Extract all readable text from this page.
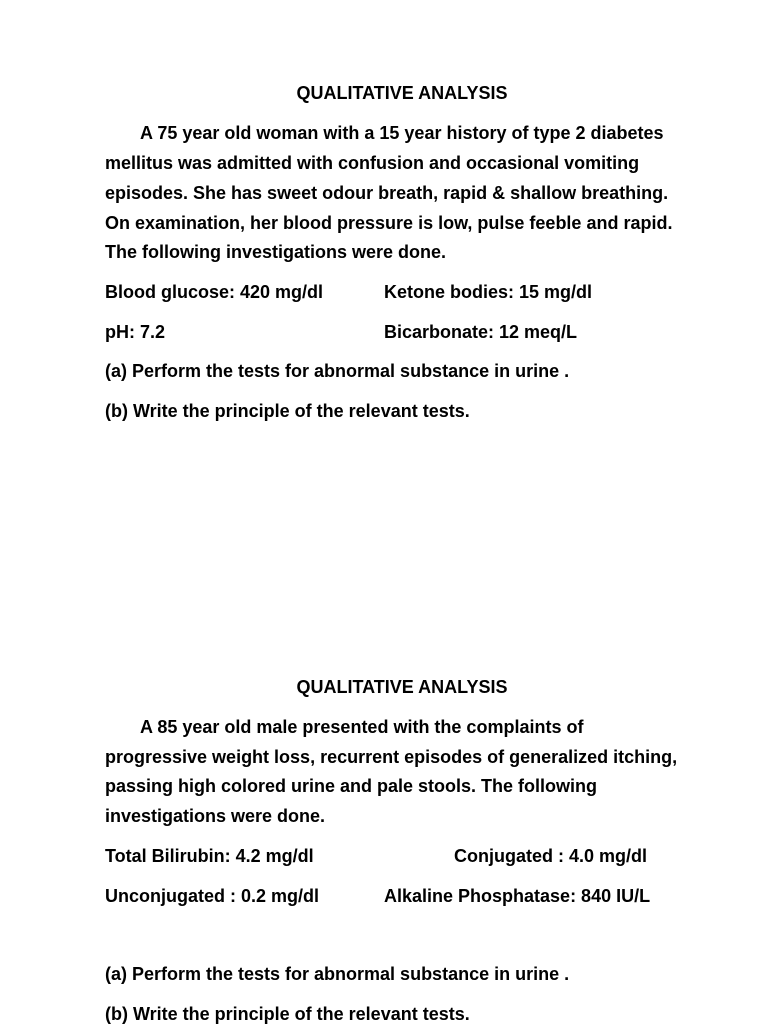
QUALITATIVE ANALYSIS

A 75 year old woman with a 15 year history of type 2 diabetes

mellitus was admitted with confusion and occasional vomiting

episodes. She has sweet odour breath, rapid & shallow breathing.

On examination, her blood pressure is low, pulse feeble and rapid.

The following investigations were done.

Blood glucose: 420 mg/dl	Ketone bodies: 15 mg/dl

pH: 7.2	Bicarbonate: 12 meq/L

(a) Perform the tests for abnormal substance in urine .

(b) Write the principle of the relevant tests.

QUALITATIVE ANALYSIS

A 85 year old male presented with the complaints of

progressive weight loss, recurrent episodes of generalized itching,

passing high colored urine and pale stools. The following

investigations were done.

Total Bilirubin: 4.2 mg/dl	Conjugated : 4.0 mg/dl

Unconjugated : 0.2 mg/dl	Alkaline Phosphatase: 840 IU/L

(a) Perform the tests for abnormal substance in urine .

(b) Write the principle of the relevant tests.
